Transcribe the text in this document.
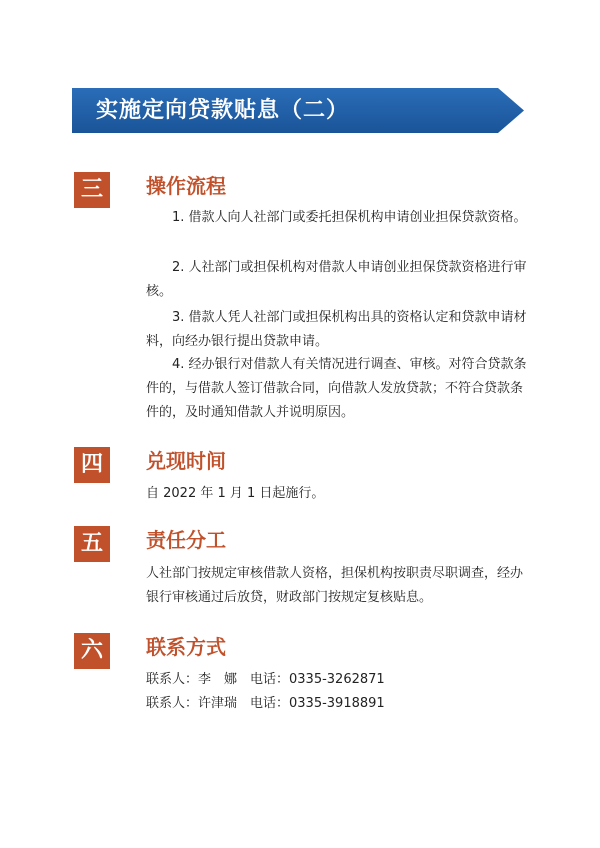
实施定向贷款贴息（二）
三	操作流程
1. 借款人向人社部门或委托担保机构申请创业担保贷款资格。
2. 人社部门或担保机构对借款人申请创业担保贷款资格进行审核。
3. 借款人凭人社部门或担保机构出具的资格认定和贷款申请材料，向经办银行提出贷款申请。
4. 经办银行对借款人有关情况进行调查、审核。对符合贷款条件的，与借款人签订借款合同，向借款人发放贷款；不符合贷款条件的，及时通知借款人并说明原因。
四	兑现时间
自 2022 年 1 月 1 日起施行。
五	责任分工
人社部门按规定审核借款人资格，担保机构按职责尽职调查，经办银行审核通过后放贷，财政部门按规定复核贴息。
六	联系方式
联系人：李　娜　电话：0335-3262871
联系人：许津瑞　电话：0335-3918891
